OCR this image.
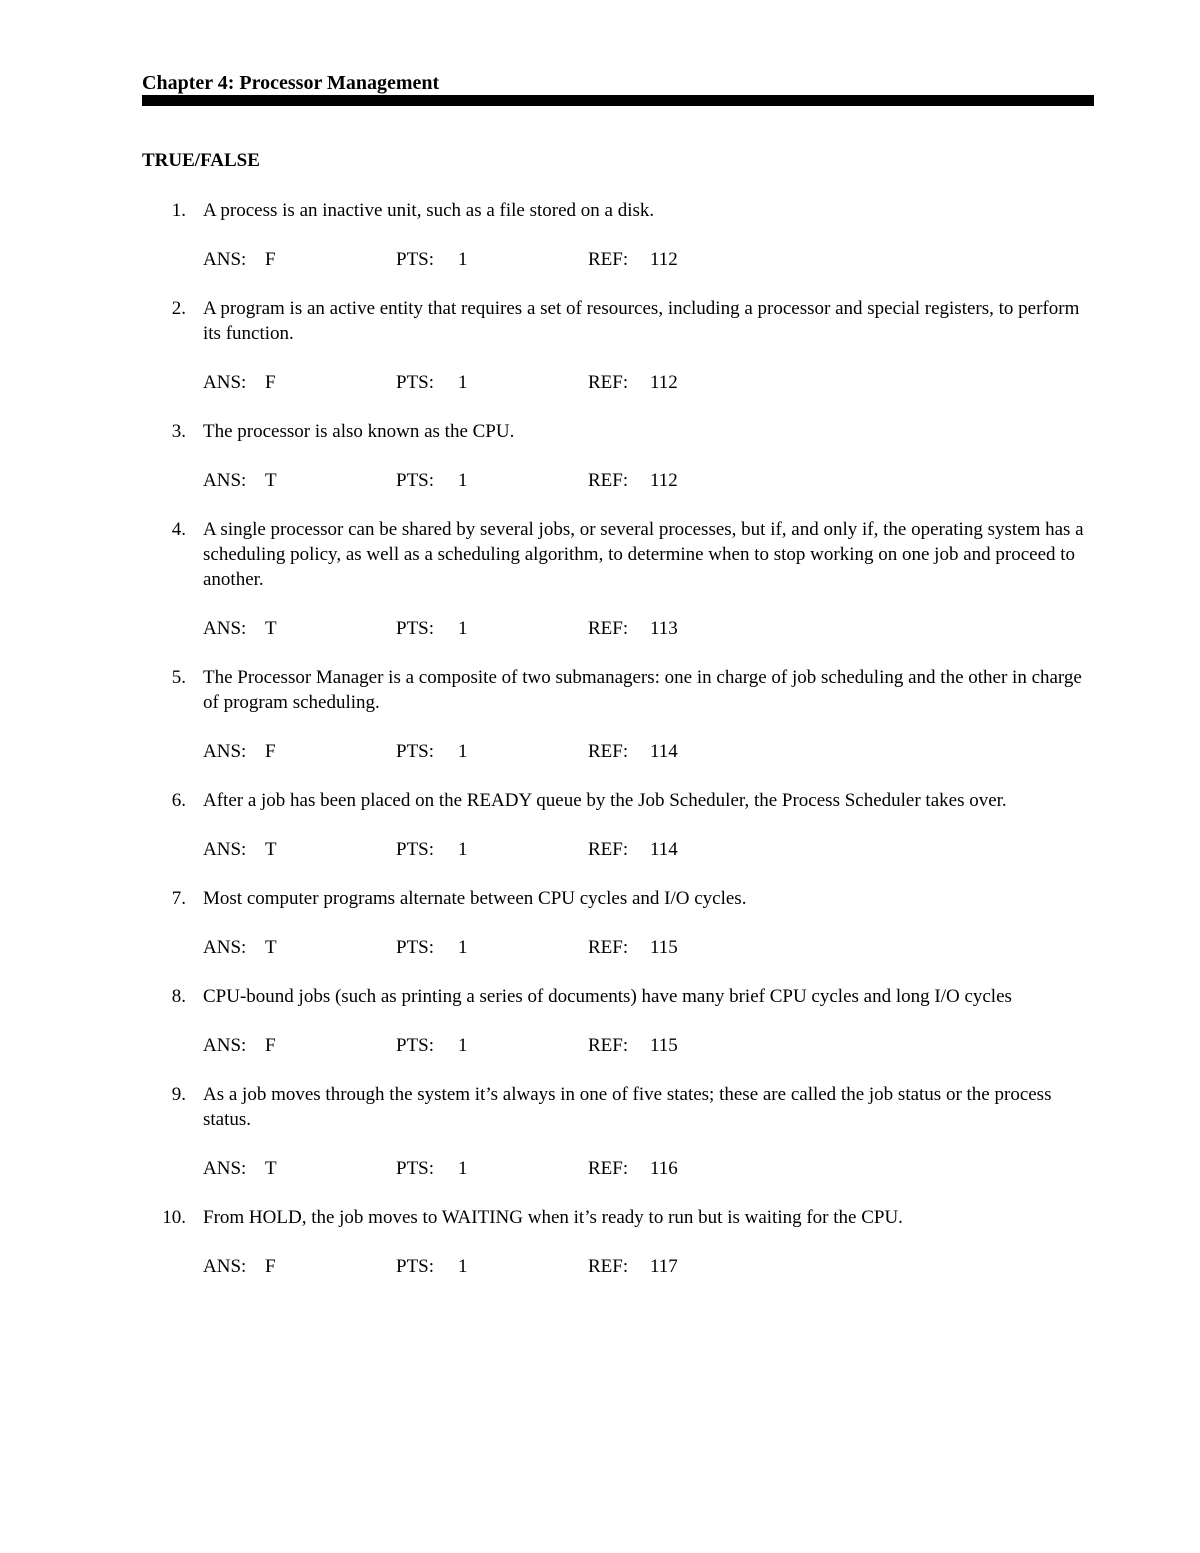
Chapter 4: Processor Management
TRUE/FALSE
1. A process is an inactive unit, such as a file stored on a disk.
ANS: F	PTS: 1	REF: 112
2. A program is an active entity that requires a set of resources, including a processor and special registers, to perform its function.
ANS: F	PTS: 1	REF: 112
3. The processor is also known as the CPU.
ANS: T	PTS: 1	REF: 112
4. A single processor can be shared by several jobs, or several processes, but if, and only if, the operating system has a scheduling policy, as well as a scheduling algorithm, to determine when to stop working on one job and proceed to another.
ANS: T	PTS: 1	REF: 113
5. The Processor Manager is a composite of two submanagers: one in charge of job scheduling and the other in charge of program scheduling.
ANS: F	PTS: 1	REF: 114
6. After a job has been placed on the READY queue by the Job Scheduler, the Process Scheduler takes over.
ANS: T	PTS: 1	REF: 114
7. Most computer programs alternate between CPU cycles and I/O cycles.
ANS: T	PTS: 1	REF: 115
8. CPU-bound jobs (such as printing a series of documents) have many brief CPU cycles and long I/O cycles
ANS: F	PTS: 1	REF: 115
9. As a job moves through the system it’s always in one of five states; these are called the job status or the process status.
ANS: T	PTS: 1	REF: 116
10. From HOLD, the job moves to WAITING when it’s ready to run but is waiting for the CPU.
ANS: F	PTS: 1	REF: 117
